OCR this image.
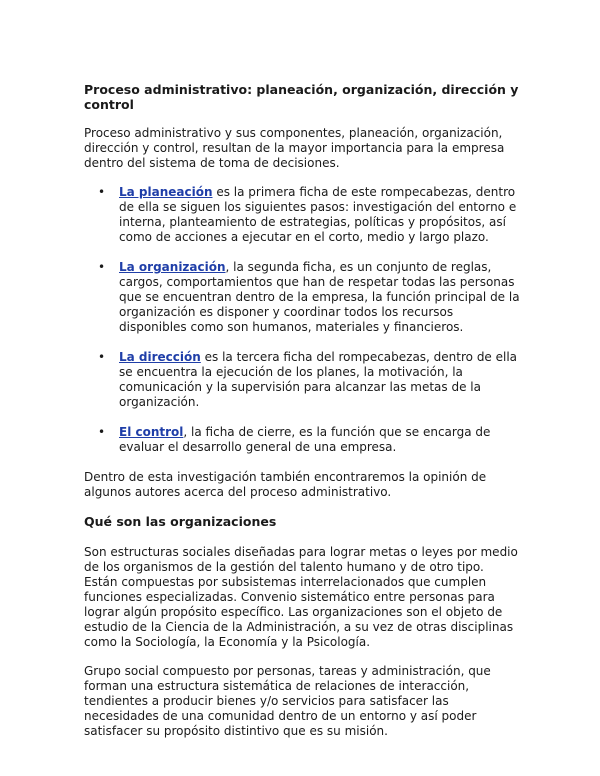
Proceso administrativo: planeación, organización, dirección y control

Proceso administrativo y sus componentes, planeación, organización, dirección y control, resultan de la mayor importancia para la empresa dentro del sistema de toma de decisiones.

• La planeación es la primera ficha de este rompecabezas, dentro de ella se siguen los siguientes pasos: investigación del entorno e interna, planteamiento de estrategias, políticas y propósitos, así como de acciones a ejecutar en el corto, medio y largo plazo.
• La organización, la segunda ficha, es un conjunto de reglas, cargos, comportamientos que han de respetar todas las personas que se encuentran dentro de la empresa, la función principal de la organización es disponer y coordinar todos los recursos disponibles como son humanos, materiales y financieros.
• La dirección es la tercera ficha del rompecabezas, dentro de ella se encuentra la ejecución de los planes, la motivación, la comunicación y la supervisión para alcanzar las metas de la organización.
• El control, la ficha de cierre, es la función que se encarga de evaluar el desarrollo general de una empresa.

Dentro de esta investigación también encontraremos la opinión de algunos autores acerca del proceso administrativo.

Qué son las organizaciones

Son estructuras sociales diseñadas para lograr metas o leyes por medio de los organismos de la gestión del talento humano y de otro tipo. Están compuestas por subsistemas interrelacionados que cumplen funciones especializadas. Convenio sistemático entre personas para lograr algún propósito específico. Las organizaciones son el objeto de estudio de la Ciencia de la Administración, a su vez de otras disciplinas como la Sociología, la Economía y la Psicología.

Grupo social compuesto por personas, tareas y administración, que forman una estructura sistemática de relaciones de interacción, tendientes a producir bienes y/o servicios para satisfacer las necesidades de una comunidad dentro de un entorno y así poder satisfacer su propósito distintivo que es su misión.
